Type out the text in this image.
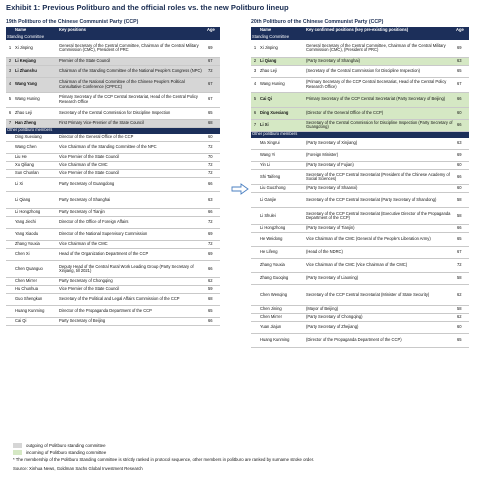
Exhibit 1: Previous Politburo and the official roles vs. the new Politburo lineup
19th Politburo of the Chinese Communist Party (CCP)
	Name	Key positions	Age
Standing Committee			
1	Xi Jinping	General Secretary of the Central Committee, Chairman of the Central Military Commission (CMC), President of PRC	69
2	Li Keqiang	Premier of the State Council	67
3	Li Zhanshu	Chairman of the Standing Committee of the National People's Congress (NPC)	72
4	Wang Yang	Chairman of the National Committee of the Chinese People's Political Consultative Conference (CPPCC)	67
5	Wang Huning	Primary Secretary of the CCP Central Secretariat, Head of the Central Policy Research Office	67
6	Zhao Leji	Secretary of the Central Commission for Discipline Inspection	65
7	Han Zheng	First Primary Vice-Premier of the State Council	68
Other politburo members			
	Ding Xuexiang	Director of the General Office of the CCP	60
	Wang Chen	Vice Chairman of the Standing Committee of the NPC	72
	Liu He	Vice Premier of the State Council	70
	Xu Qiliang	Vice Chairman of the CMC	72
	Sun Chunlan	Vice Premier of the State Council	72
	Li Xi	Party Secretary of Guangdong	66
	Li Qiang	Party Secretary of Shanghai	63
	Li Hongzhong	Party Secretary of Tianjin	66
	Yang Jiechi	Director of the Office of Foreign Affairs	72
	Yang Xiaodu	Director of the National Supervisory Commission	69
	Zhang Youxia	Vice Chairman of the CMC	72
	Chen Xi	Head of the Organization Department of the CCP	69
	Chen Quanguo	Deputy Head of the Central Rural Work Leading Group (Party Secretary of Xinjiang, till 2021)	66
	Chen Min'er	Party Secretary of Chongqing	62
	Hu Chunhua	Vice Premier of the State Council	59
	Guo Shengkun	Secretary of the Political and Legal Affairs Commission of the CCP	68
	Huang Kunming	Director of the Propaganda Department of the CCP	65
	Cai Qi	Party Secretary of Beijing	66
20th Politburo of the Chinese Communist Party (CCP)
	Name	Key confirmed positions (key pre-existing positions)	Age
Standing Committee			
1	Xi Jinping	General Secretary of the Central Committee, Chairman of the Central Military Commission (CMC), (President of PRC)	69
2	Li Qiang	(Party Secretary of Shanghai)	63
3	Zhao Leji	(Secretary of the Central Commission for Discipline Inspection)	65
4	Wang Huning	(Primary Secretary of the CCP Central Secretariat, Head of the Central Policy Research Office)	67
5	Cai Qi	Primary Secretary of the CCP Central Secretariat (Party Secretary of Beijing)	66
6	Ding Xuexiang	(Director of the General Office of the CCP)	60
7	Li Xi	Secretary of the Central Commission for Discipline Inspection (Party Secretary of Guangdong)	66
Other politburo members			
	Ma Xingrui	(Party Secretary of Xinjiang)	63
	Wang Yi	(Foreign Minister)	69
	Yin Li	(Party Secretary of Fujian)	60
	Shi Taifeng	Secretary of the CCP Central Secretariat (President of the Chinese Academy of Social Sciences)	66
	Liu Guozhong	(Party Secretary of Shaanxi)	60
	Li Ganjie	Secretary of the CCP Central Secretariat (Party Secretary of Shandong)	58
	Li Shulei	Secretary of the CCP Central Secretariat (Executive Director of the Propaganda Department of the CCP)	58
	Li Hongzhong	(Party Secretary of Tianjin)	66
	He Weidong	Vice Chairman of the CMC (General of the People's Liberation Army)	65
	He Lifeng	(Head of the NDRC)	67
	Zhang Youxia	Vice Chairman of the CMC (Vice Chairman of the CMC)	72
	Zhang Guoqing	(Party Secretary of Liaoning)	58
	Chen Wenqing	Secretary of the CCP Central Secretariat (Minister of State Security)	62
	Chen Jining	(Mayor of Beijing)	58
	Chen Min'er	(Party Secretary of Chongqing)	62
	Yuan Jiajun	(Party Secretary of Zhejiang)	60
	Huang Kunming	(Director of the Propaganda Department of the CCP)	65
outgoing of Politburo standing committee
incoming of Politburo standing committee
* The membership of the Politburo Standing committee is strictly ranked in protocol sequence, other members in politburo are ranked by surname stroke order.
Source: Xinhua News, Goldman Sachs Global Investment Research
